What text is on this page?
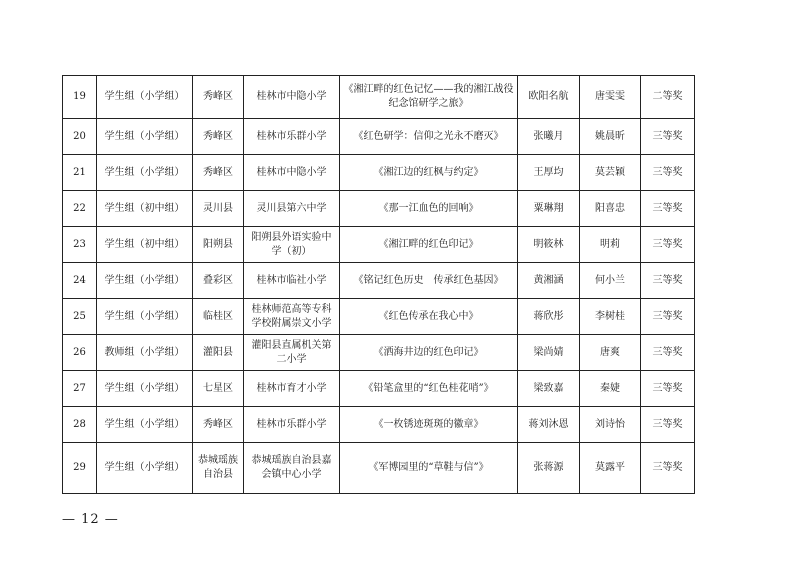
19	学生组（小学组）	秀峰区	桂林市中隐小学	《湘江畔的红色记忆——我的湘江战役纪念馆研学之旅》	欧阳名航	唐雯雯	二等奖
20	学生组（小学组）	秀峰区	桂林市乐群小学	《红色研学：信仰之光永不磨灭》	张曦月	姚晨昕	三等奖
21	学生组（小学组）	秀峰区	桂林市中隐小学	《湘江边的红枫与约定》	王厚均	莫芸颖	三等奖
22	学生组（初中组）	灵川县	灵川县第六中学	《那一江血色的回响》	粟琳翔	阳喜忠	三等奖
23	学生组（初中组）	阳朔县	阳朔县外语实验中学（初）	《湘江畔的红色印记》	明筱林	明莉	三等奖
24	学生组（小学组）	叠彩区	桂林市临社小学	《铭记红色历史　传承红色基因》	黄湘涵	何小兰	三等奖
25	学生组（小学组）	临桂区	桂林师范高等专科学校附属崇文小学	《红色传承在我心中》	蒋欣彤	李树桂	三等奖
26	教师组（小学组）	灌阳县	灌阳县直属机关第二小学	《洒海井边的红色印记》	梁尚婧	唐爽	三等奖
27	学生组（小学组）	七星区	桂林市育才小学	《铅笔盒里的“红色桂花哨”》	梁致嘉	秦婕	三等奖
28	学生组（小学组）	秀峰区	桂林市乐群小学	《一枚锈迹斑斑的徽章》	蒋刘沐恩	刘诗怡	三等奖
29	学生组（小学组）	恭城瑶族自治县	恭城瑶族自治县嘉会镇中心小学	《军博园里的“草鞋与信”》	张蒋源	莫露平	三等奖
— 12 —
